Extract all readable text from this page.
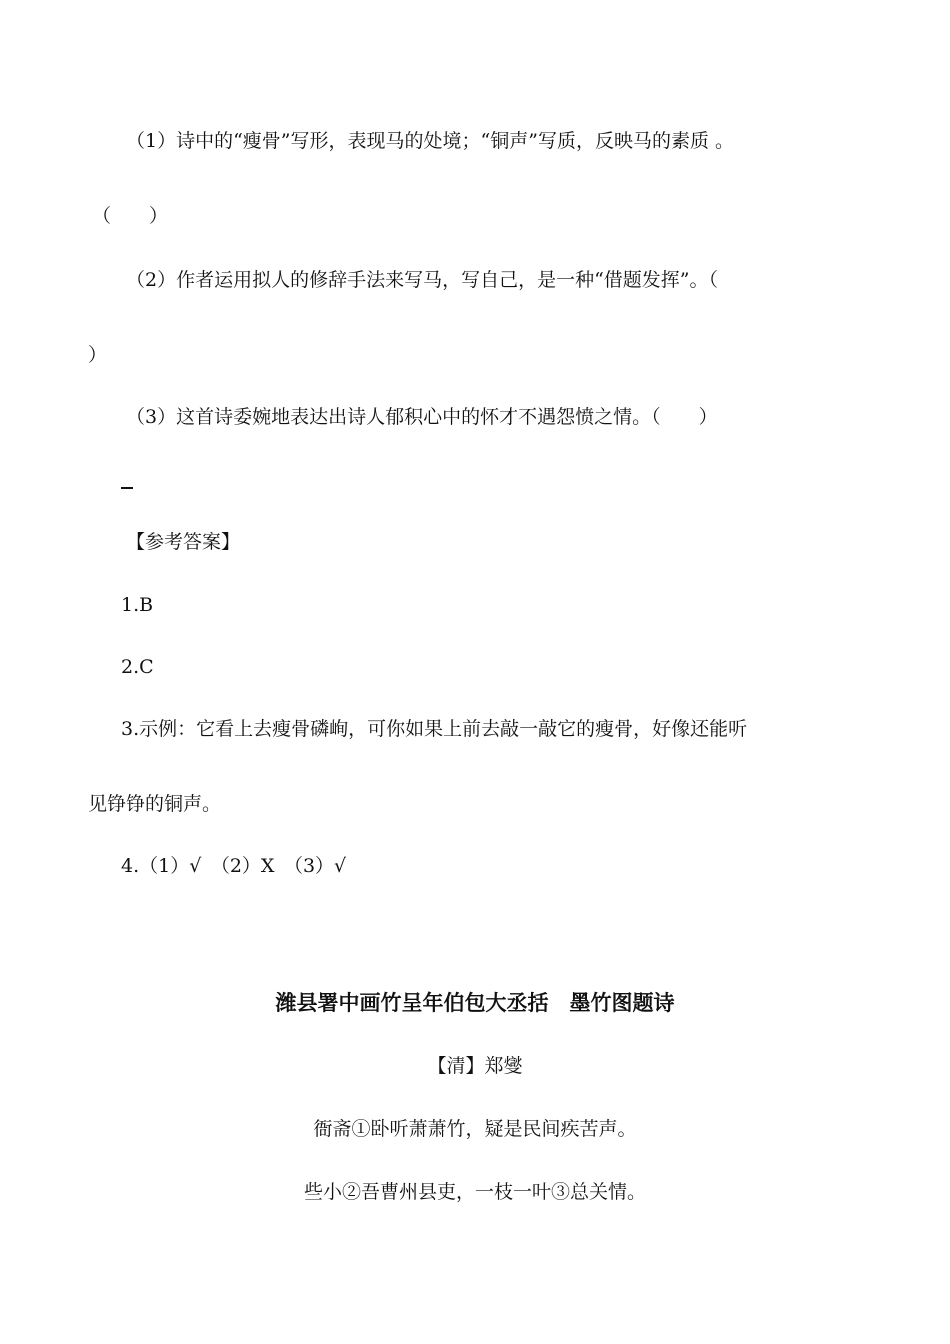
（1）诗中的“瘦骨”写形，表现马的处境；“铜声”写质，反映马的素质 。

（　　）

（2）作者运用拟人的修辞手法来写马，写自己，是一种“借题发挥”。（

）

（3）这首诗委婉地表达出诗人郁积心中的怀才不遇怨愤之情。（　　）

【参考答案】

1.B

2.C

3.示例：它看上去瘦骨磷峋，可你如果上前去敲一敲它的瘦骨，好像还能听

见铮铮的铜声。

4.（1）√　（2）X　（3）√

潍县署中画竹呈年伯包大丞括　墨竹图题诗
【清】郑燮
衙斋①卧听萧萧竹，疑是民间疾苦声。
些小②吾曹州县吏，一枝一叶③总关情。
